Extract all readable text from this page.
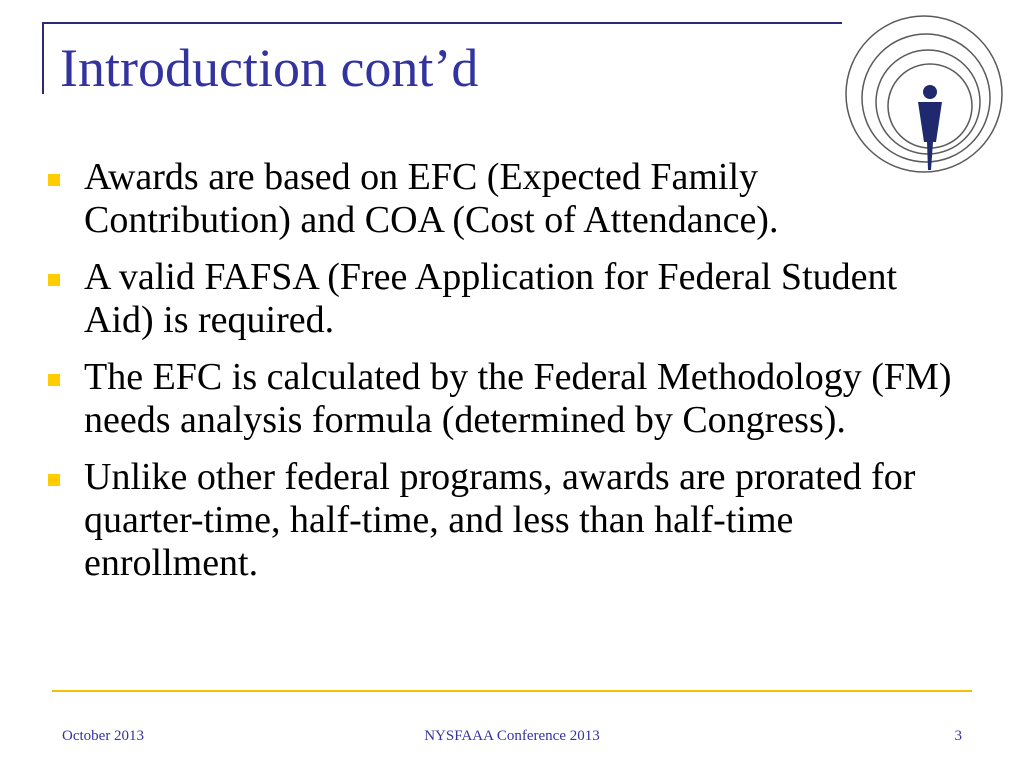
Introduction cont’d
Awards are based on EFC (Expected Family Contribution) and COA (Cost of Attendance).
A valid FAFSA (Free Application for Federal Student Aid) is required.
The EFC is calculated by the Federal Methodology (FM) needs analysis formula (determined by Congress).
Unlike other federal programs, awards are prorated for quarter-time, half-time, and less than half-time enrollment.
October 2013	NYSFAAA Conference 2013	3
